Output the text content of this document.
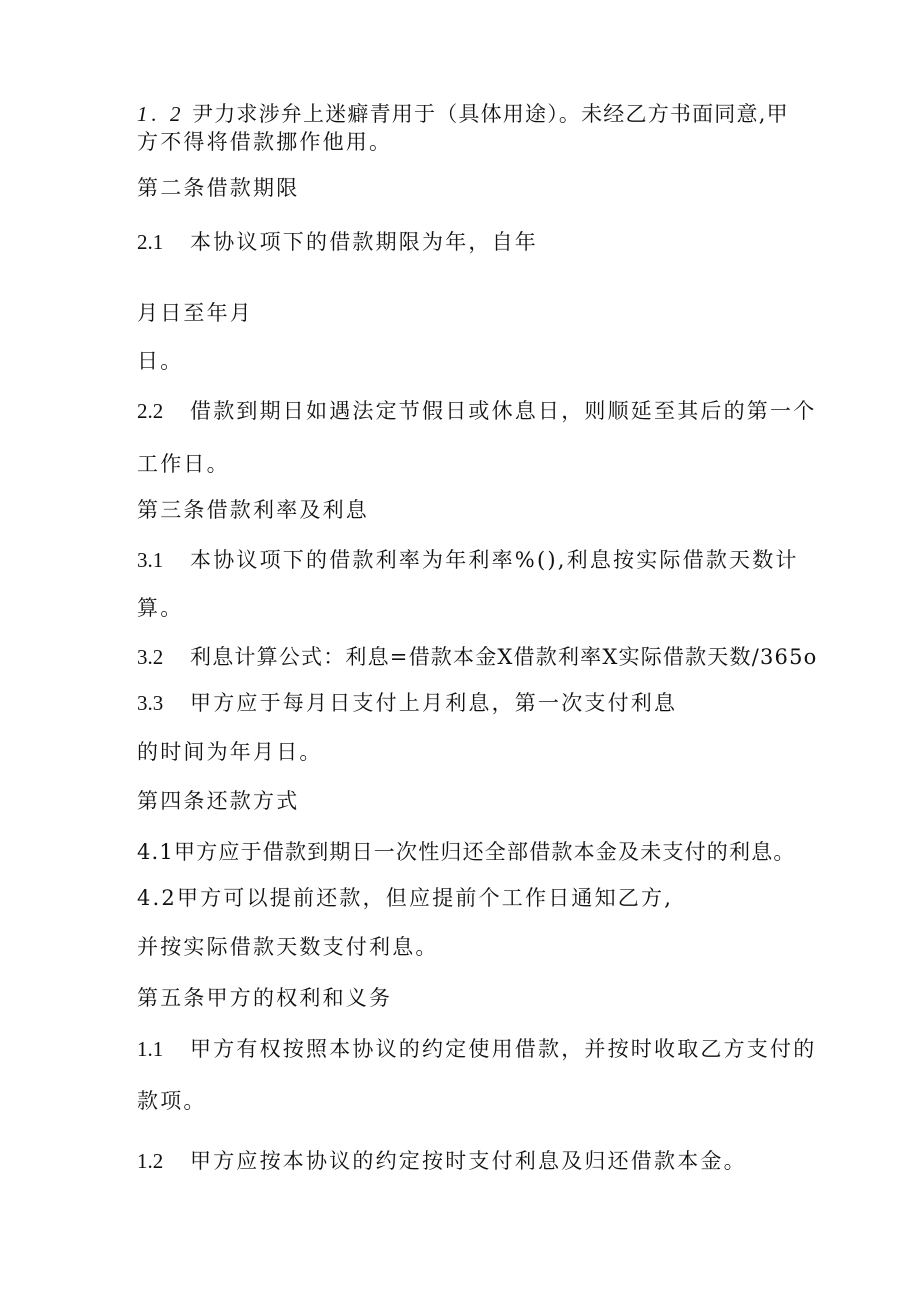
1. 2 尹力求涉弁上迷癖青用于（具体用途）。未经乙方书面同意,甲
方不得将借款挪作他用。
第二条借款期限
2.1 本协议项下的借款期限为年，自年
月日至年月
日。
2.2 借款到期日如遇法定节假日或休息日，则顺延至其后的第一个
工作日。
第三条借款利率及利息
3.1 本协议项下的借款利率为年利率%(),利息按实际借款天数计
算。
3.2 利息计算公式：利息=借款本金X借款利率X实际借款天数/365o
3.3 甲方应于每月日支付上月利息，第一次支付利息
的时间为年月日。
第四条还款方式
4.1甲方应于借款到期日一次性归还全部借款本金及未支付的利息。
4.2甲方可以提前还款，但应提前个工作日通知乙方,
并按实际借款天数支付利息。
第五条甲方的权利和义务
1.1 甲方有权按照本协议的约定使用借款，并按时收取乙方支付的
款项。
1.2 甲方应按本协议的约定按时支付利息及归还借款本金。
